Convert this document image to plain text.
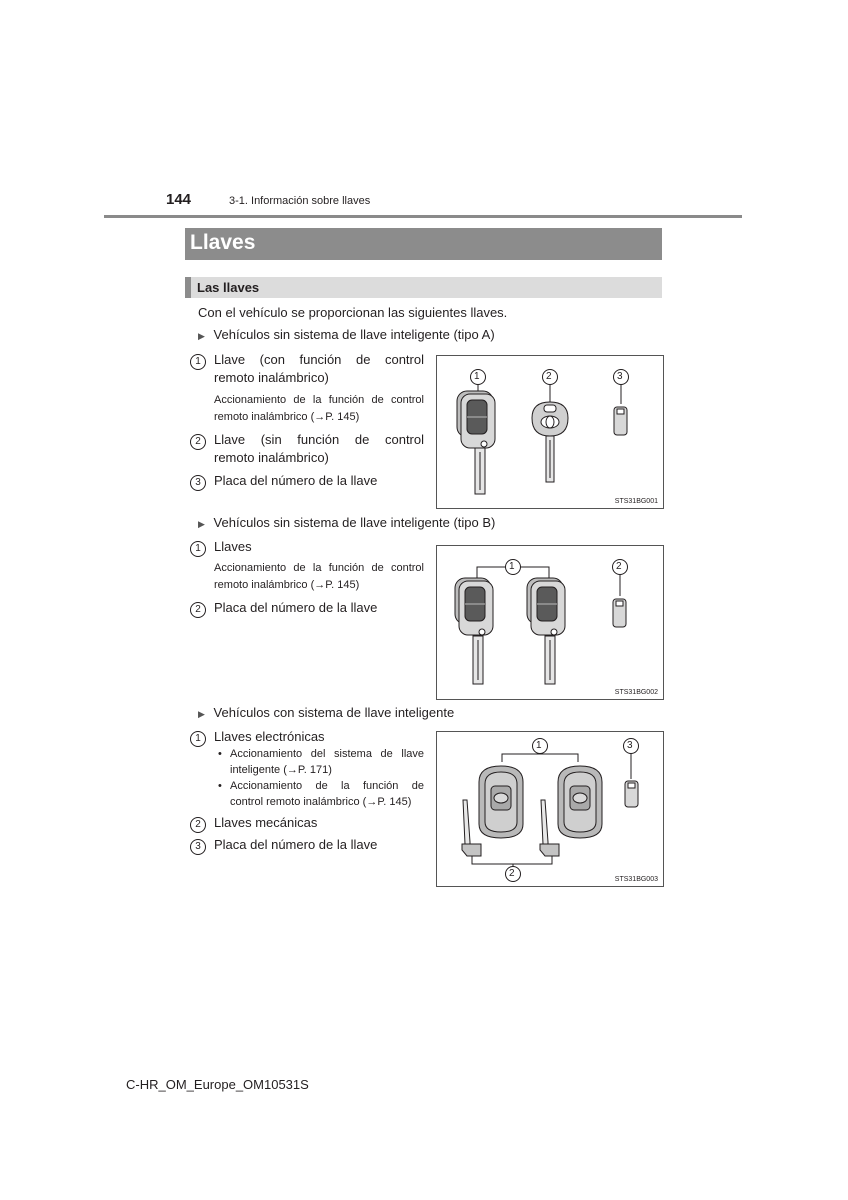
144	3-1. Información sobre llaves
Llaves
Las llaves
Con el vehículo se proporcionan las siguientes llaves.
▶ Vehículos sin sistema de llave inteligente (tipo A)
1	Llave (con función de control
remoto inalámbrico)
Accionamiento de la función de control
remoto inalámbrico (→P. 145)
2	Llave (sin función de control
remoto inalámbrico)
3	Placa del número de la llave
STS31BG001
1	2	3
▶ Vehículos sin sistema de llave inteligente (tipo B)
1	Llaves
Accionamiento de la función de control
remoto inalámbrico (→P. 145)
2	Placa del número de la llave
STS31BG002
1	2
▶ Vehículos con sistema de llave inteligente
1	Llaves electrónicas
• Accionamiento del sistema de llave
inteligente (→P. 171)
• Accionamiento de la función de
control remoto inalámbrico (→P. 145)
2	Llaves mecánicas
3	Placa del número de la llave
STS31BG003
1
2
3
C-HR_OM_Europe_OM10531S
